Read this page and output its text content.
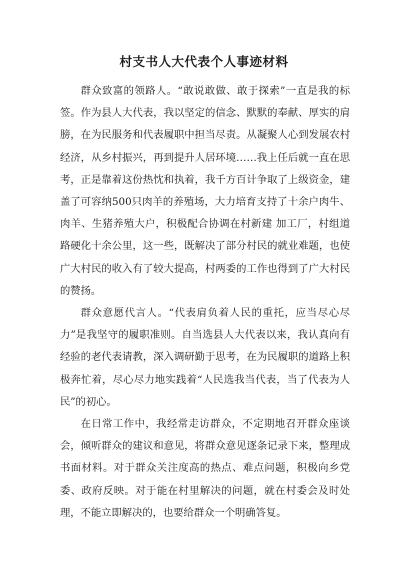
村支书人大代表个人事迹材料

群众致富的领路人。“敢说敢做、敢于探索”一直是我的标签。作为县人大代表，我以坚定的信念、默默的奉献、厚实的肩膀，在为民服务和代表履职中担当尽责。从凝聚人心到发展农村经济，从乡村振兴，再到提升人居环境……我上任后就一直在思考，正是靠着这份热忱和执着，我千方百计争取了上级资金，建盖了可容纳500只肉羊的养殖场，大力培育支持了十余户肉牛、肉羊、生猪养殖大户，积极配合协调在村新建 加工厂，村组道路硬化十余公里，这一些，既解决了部分村民的就业难题，也使广大村民的收入有了较大提高，村两委的工作也得到了广大村民的赞扬。

群众意愿代言人。“代表肩负着人民的重托，应当尽心尽力”是我坚守的履职准则。自当选县人大代表以来，我认真向有经验的老代表请教，深入调研勤于思考，在为民履职的道路上积极奔忙着，尽心尽力地实践着“人民选我当代表，当了代表为人民”的初心。

在日常工作中，我经常走访群众，不定期地召开群众座谈会，倾听群众的建议和意见，将群众意见逐条记录下来，整理成书面材料。对于群众关注度高的热点、难点问题，积极向乡党委、政府反映。对于能在村里解决的问题，就在村委会及时处理，不能立即解决的，也要给群众一个明确答复。
